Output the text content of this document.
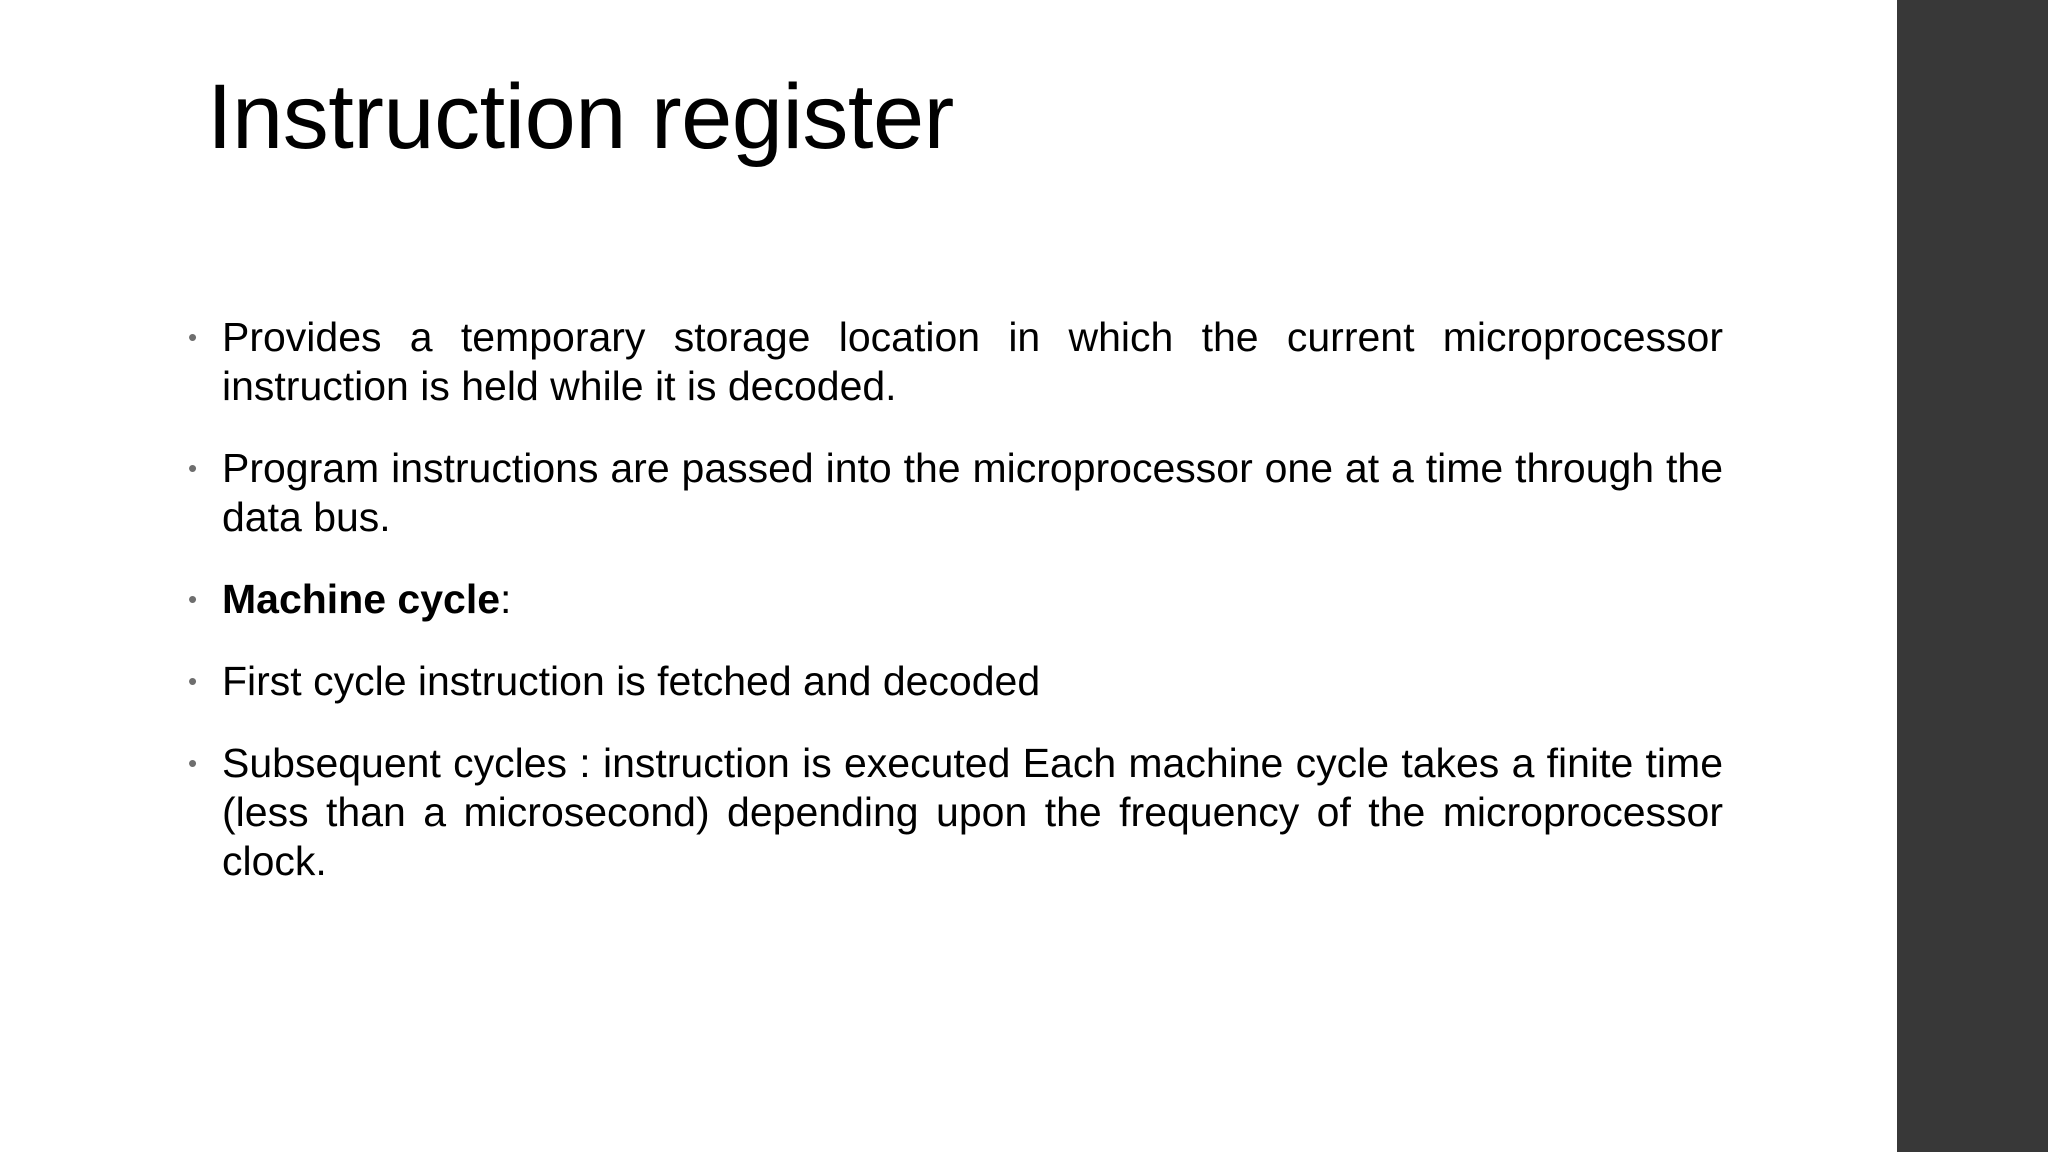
Instruction register
• Provides a temporary storage location in which the current microprocessor instruction is held while it is decoded.
• Program instructions are passed into the microprocessor one at a time through the data bus.
• Machine cycle:
• First cycle instruction is fetched and decoded
• Subsequent cycles : instruction is executed Each machine cycle takes a finite time (less than a microsecond) depending upon the frequency of the microprocessor clock.
